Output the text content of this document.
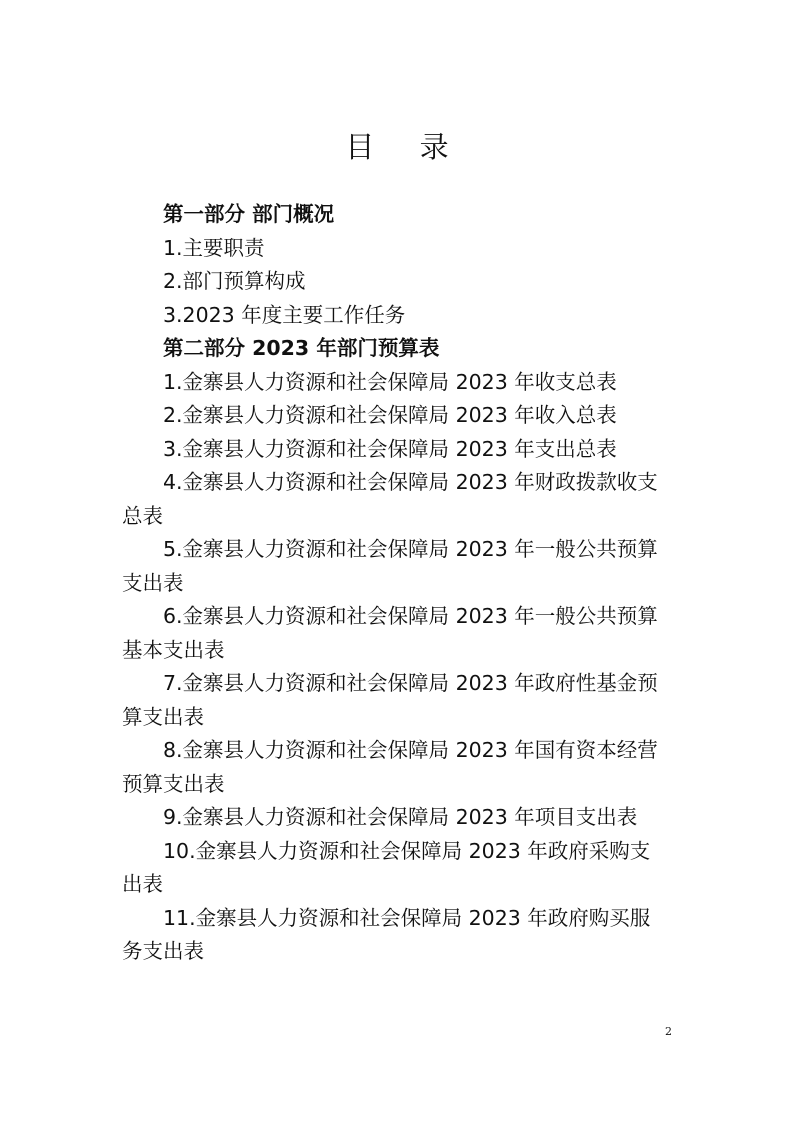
目 录
第一部分 部门概况
1.主要职责
2.部门预算构成
3.2023 年度主要工作任务
第二部分 2023 年部门预算表
1.金寨县人力资源和社会保障局 2023 年收支总表
2.金寨县人力资源和社会保障局 2023 年收入总表
3.金寨县人力资源和社会保障局 2023 年支出总表
4.金寨县人力资源和社会保障局 2023 年财政拨款收支
总表
5.金寨县人力资源和社会保障局 2023 年一般公共预算
支出表
6.金寨县人力资源和社会保障局 2023 年一般公共预算
基本支出表
7.金寨县人力资源和社会保障局 2023 年政府性基金预
算支出表
8.金寨县人力资源和社会保障局 2023 年国有资本经营
预算支出表
9.金寨县人力资源和社会保障局 2023 年项目支出表
10.金寨县人力资源和社会保障局 2023 年政府采购支
出表
11.金寨县人力资源和社会保障局 2023 年政府购买服
务支出表
2
